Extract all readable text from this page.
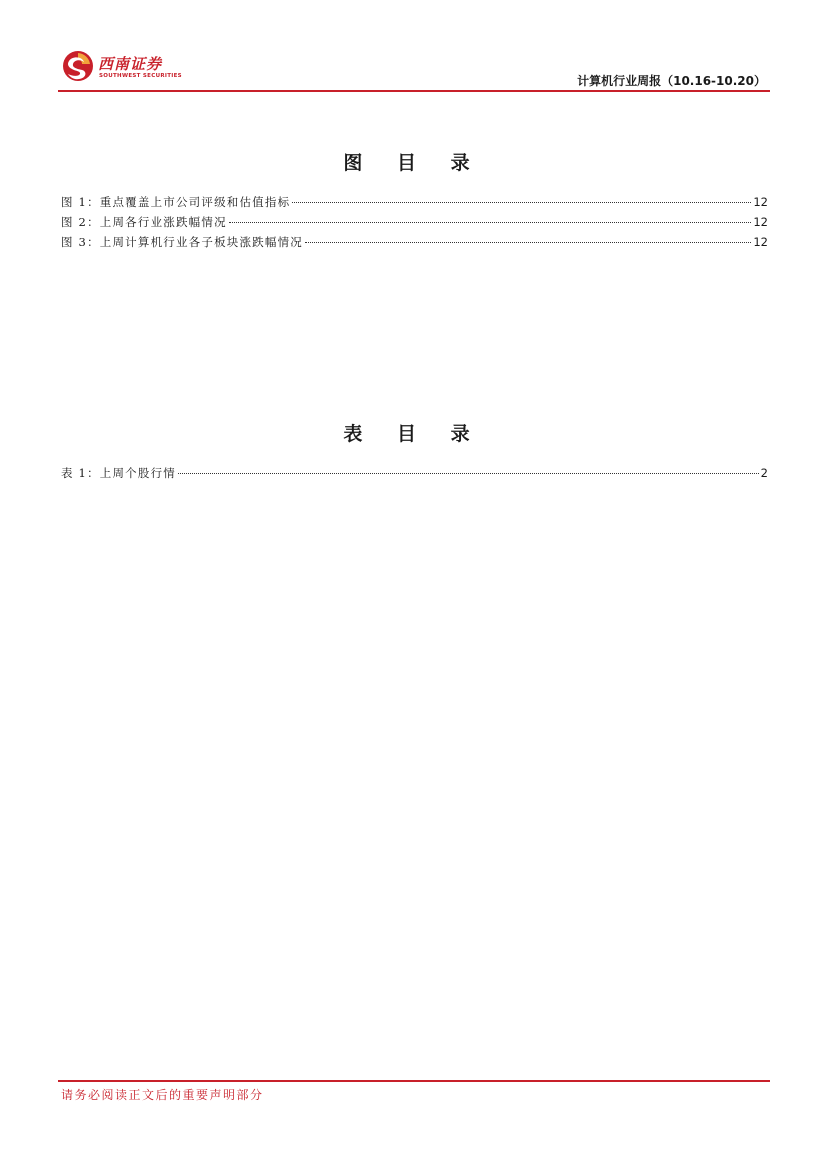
西南证券
SOUTHWEST SECURITIES	计算机行业周报（10.16-10.20）
图 目 录
图 1：重点覆盖上市公司评级和估值指标	12
图 2：上周各行业涨跌幅情况	12
图 3：上周计算机行业各子板块涨跌幅情况	12
表 目 录
表 1：上周个股行情	2
请务必阅读正文后的重要声明部分
